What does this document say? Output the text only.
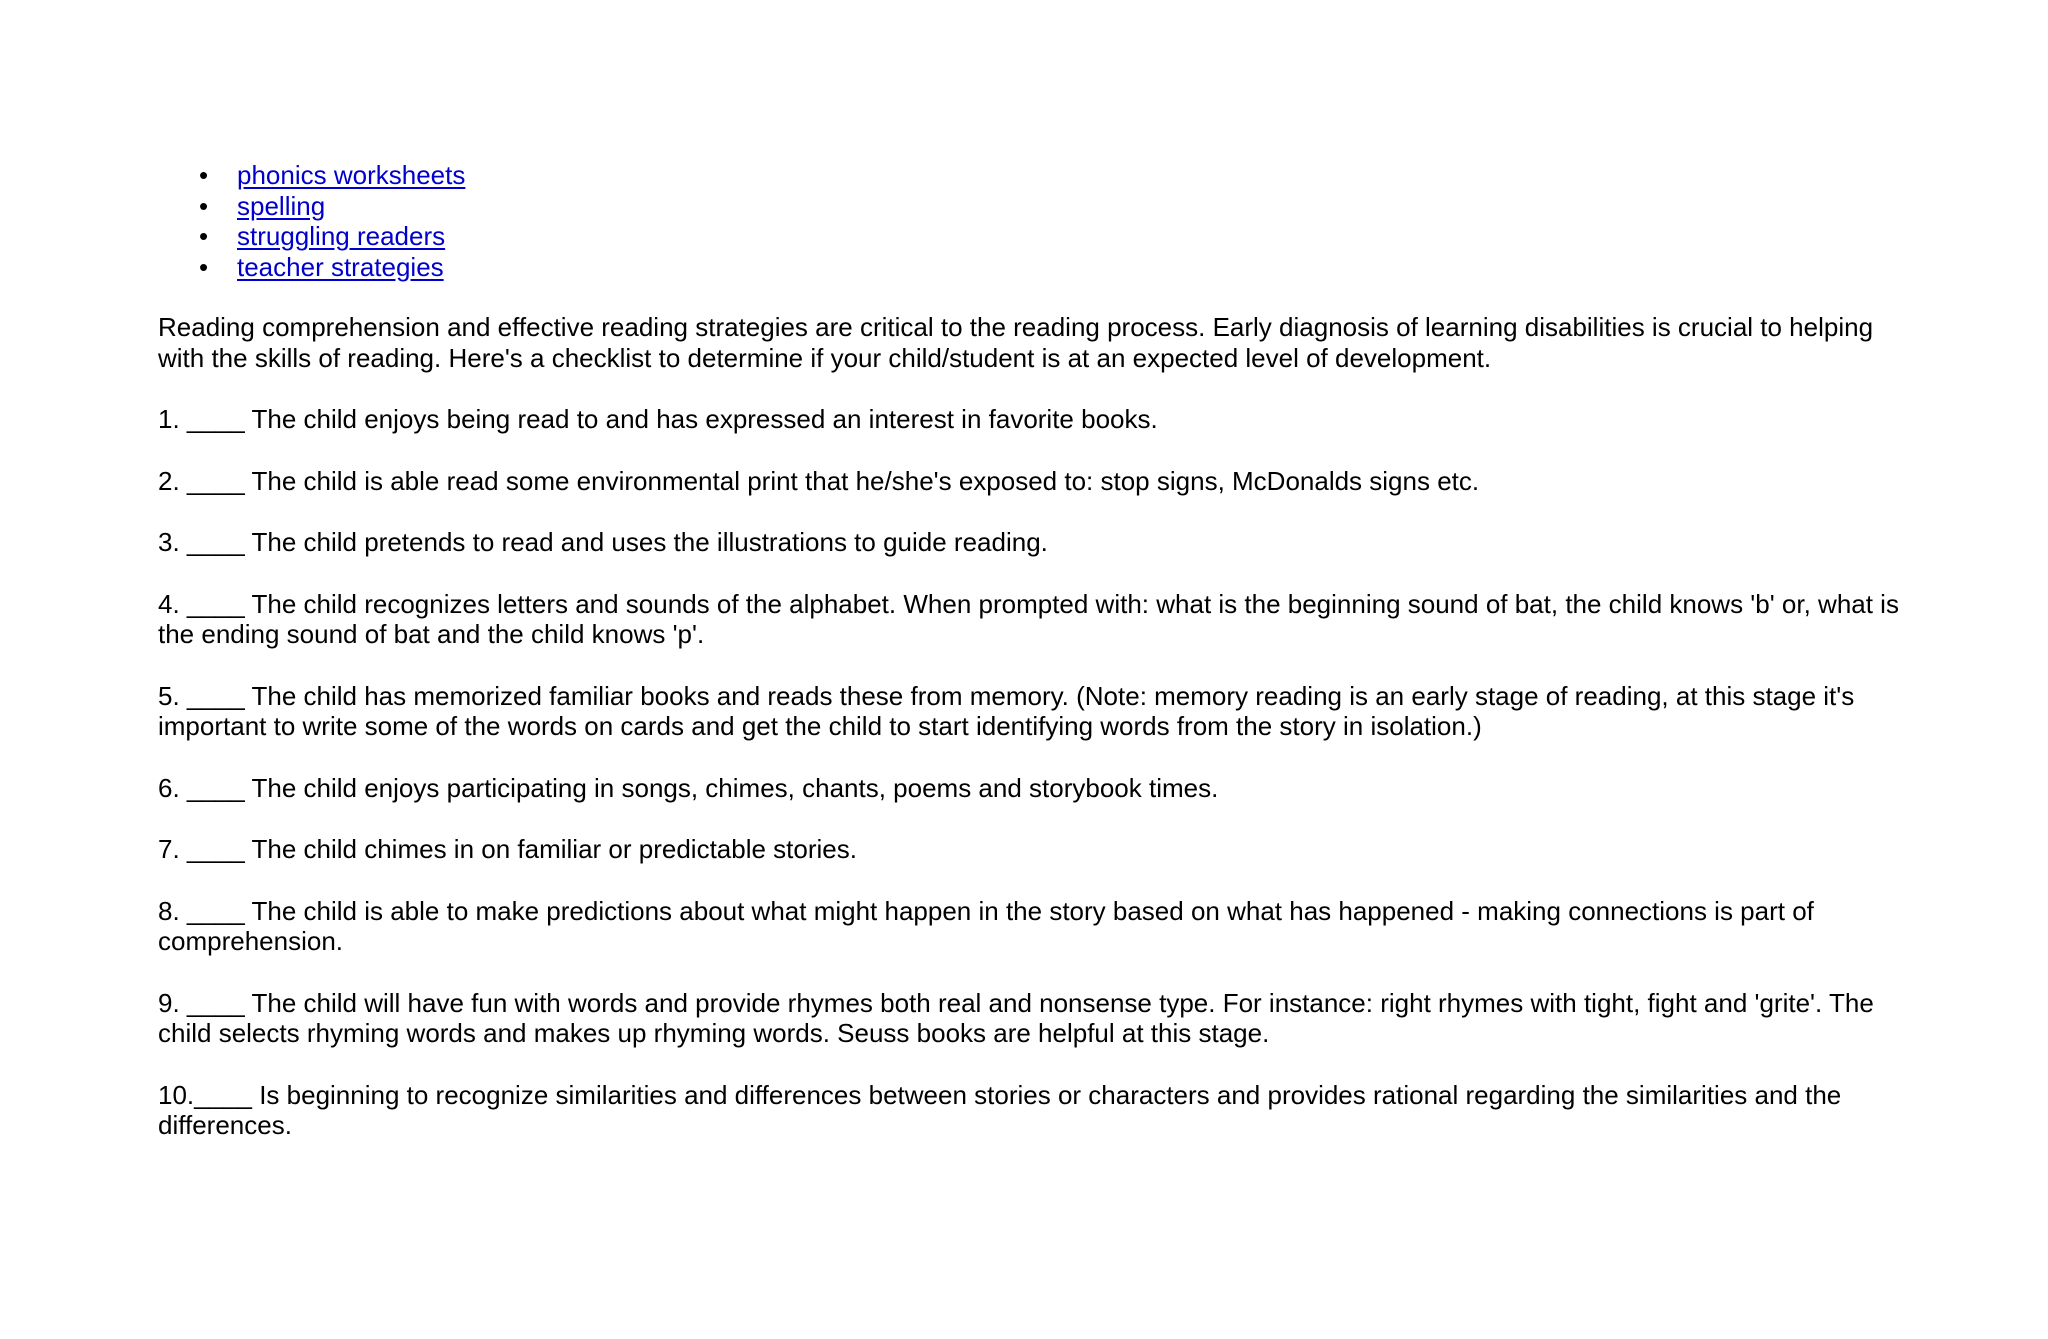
• phonics worksheets
• spelling
• struggling readers
• teacher strategies

Reading comprehension and effective reading strategies are critical to the reading process. Early diagnosis of learning disabilities is crucial to helping with the skills of reading. Here's a checklist to determine if your child/student is at an expected level of development.

1. ____ The child enjoys being read to and has expressed an interest in favorite books.

2. ____ The child is able read some environmental print that he/she's exposed to: stop signs, McDonalds signs etc.

3. ____ The child pretends to read and uses the illustrations to guide reading.

4. ____ The child recognizes letters and sounds of the alphabet. When prompted with: what is the beginning sound of bat, the child knows 'b' or, what is the ending sound of bat and the child knows 'p'.

5. ____ The child has memorized familiar books and reads these from memory. (Note: memory reading is an early stage of reading, at this stage it's important to write some of the words on cards and get the child to start identifying words from the story in isolation.)

6. ____ The child enjoys participating in songs, chimes, chants, poems and storybook times.

7. ____ The child chimes in on familiar or predictable stories.

8. ____ The child is able to make predictions about what might happen in the story based on what has happened - making connections is part of comprehension.

9. ____ The child will have fun with words and provide rhymes both real and nonsense type. For instance: right rhymes with tight, fight and 'grite'. The child selects rhyming words and makes up rhyming words. Seuss books are helpful at this stage.

10.____ Is beginning to recognize similarities and differences between stories or characters and provides rational regarding the similarities and the differences.
